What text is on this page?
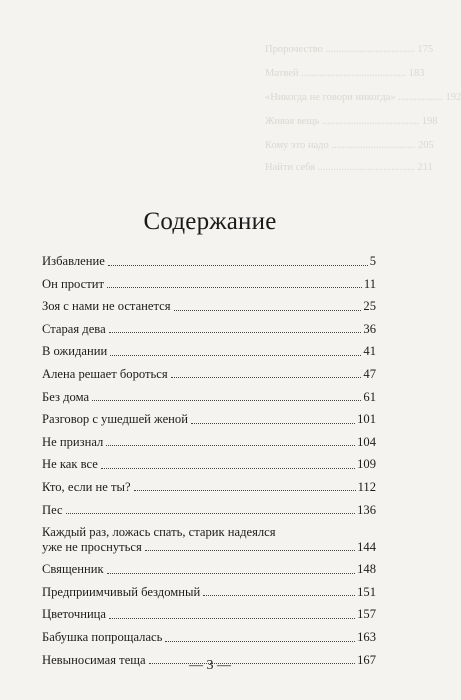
Пророчество .................................. 175
Матвей ........................................ 183
«Никогда не говори никогда» ................. 192
Живая вещь ..................................... 198
Кому это надо ................................ 205
Найти себя ..................................... 211
Содержание
Избавление	5
Он простит	11
Зоя с нами не останется	25
Старая дева	36
В ожидании	41
Алена решает бороться	47
Без дома	61
Разговор с ушедшей женой	101
Не признал	104
Не как все	109
Кто, если не ты?	112
Пес	136
Каждый раз, ложась спать, старик надеялся
уже не проснуться	144
Священник	148
Предприимчивый бездомный	151
Цветочница	157
Бабушка попрощалась	163
Невыносимая теща	167
— 3 —
